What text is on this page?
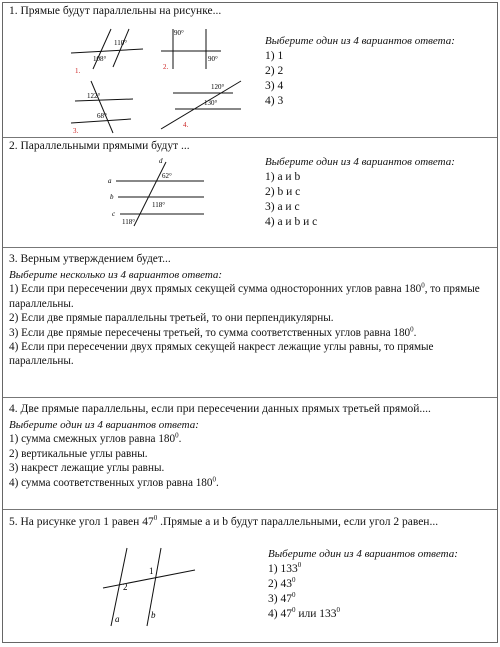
1. Прямые будут параллельны на рисунке...
110°
108°
1.
90°
90°
2.
122°
68°
3.
120°
130°
4.
Выберите один из 4 вариантов ответа:
1) 1
2) 2
3) 4
4) 3
2. Параллельными прямыми будут ...
d
a
b
c
62°
118°
118°
Выберите один из 4 вариантов ответа:
1) а и b
2) b и с
3) а и с
4) а и b и с
3. Верным утверждением будет...
Выберите несколько из 4 вариантов ответа:
1) Если при пересечении двух прямых секущей сумма односторонних углов равна $180^0$, то прямые параллельны.
2) Если две прямые параллельны третьей, то они перпендикулярны.
3) Если две прямые пересечены третьей, то сумма соответственных углов равна $180^0$.
4) Если при пересечении двух прямых секущей накрест лежащие углы равны, то прямые параллельны.
4. Две прямые параллельны, если при пересечении данных прямых третьей прямой....
Выберите один из 4 вариантов ответа:
1) сумма смежных углов равна $180^0$.
2) вертикальные углы равны.
3) накрест лежащие углы равны.
4) сумма соответственных углов равна $180^0$.
5. На рисунке угол 1 равен $47^0$ .Прямые a и b будут параллельными, если угол 2 равен...
1
2
a	b
Выберите один из 4 вариантов ответа:
1) $133^0$
2) $43^0$
3) $47^0$
4) $47^0$ или $133^0$
